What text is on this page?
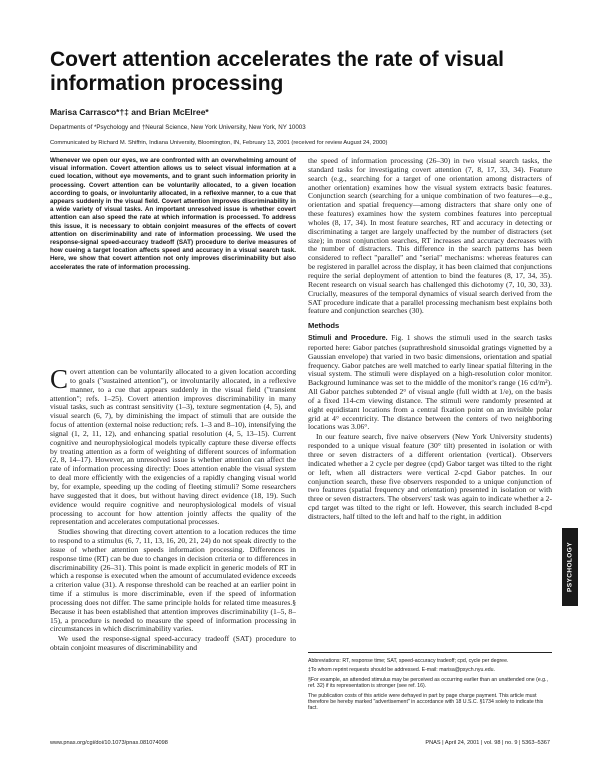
Covert attention accelerates the rate of visual information processing
Marisa Carrasco*†‡ and Brian McElree*
Departments of *Psychology and †Neural Science, New York University, New York, NY 10003
Communicated by Richard M. Shiffrin, Indiana University, Bloomington, IN, February 13, 2001 (received for review August 24, 2000)
Whenever we open our eyes, we are confronted with an overwhelming amount of visual information. Covert attention allows us to select visual information at a cued location, without eye movements, and to grant such information priority in processing. Covert attention can be voluntarily allocated, to a given location according to goals, or involuntarily allocated, in a reflexive manner, to a cue that appears suddenly in the visual field. Covert attention improves discriminability in a wide variety of visual tasks. An important unresolved issue is whether covert attention can also speed the rate at which information is processed. To address this issue, it is necessary to obtain conjoint measures of the effects of covert attention on discriminability and rate of information processing. We used the response-signal speed-accuracy tradeoff (SAT) procedure to derive measures of how cueing a target location affects speed and accuracy in a visual search task. Here, we show that covert attention not only improves discriminability but also accelerates the rate of information processing.

Covert attention can be voluntarily allocated to a given location according to goals ("sustained attention"), or involuntarily allocated, in a reflexive manner, to a cue that appears suddenly in the visual field ("transient attention"; refs. 1–25). Covert attention improves discriminability in many visual tasks, such as contrast sensitivity (1–3), texture segmentation (4, 5), and visual search (6, 7), by diminishing the impact of stimuli that are outside the focus of attention (external noise reduction; refs. 1–3 and 8–10), intensifying the signal (1, 2, 11, 12), and enhancing spatial resolution (4, 5, 13–15). Current cognitive and neurophysiological models typically capture these diverse effects by treating attention as a form of weighting of different sources of information (2, 8, 14–17). However, an unresolved issue is whether attention can affect the rate of information processing directly: Does attention enable the visual system to deal more efficiently with the exigencies of a rapidly changing visual world by, for example, speeding up the coding of fleeting stimuli? Some researchers have suggested that it does, but without having direct evidence (18, 19). Such evidence would require cognitive and neurophysiological models of visual processing to account for how attention jointly affects the quality of the representation and accelerates computational processes.

Studies showing that directing covert attention to a location reduces the time to respond to a stimulus (6, 7, 11, 13, 16, 20, 21, 24) do not speak directly to the issue of whether attention speeds information processing. Differences in response time (RT) can be due to changes in decision criteria or to differences in discriminability (26–31). This point is made explicit in generic models of RT in which a response is executed when the amount of accumulated evidence exceeds a criterion value (31). A response threshold can be reached at an earlier point in time if a stimulus is more discriminable, even if the speed of information processing does not differ. The same principle holds for related time measures.§ Because it has been established that attention improves discriminability (1–5, 8–15), a procedure is needed to measure the speed of information processing in circumstances in which discriminability varies.

We used the response-signal speed-accuracy tradeoff (SAT) procedure to obtain conjoint measures of discriminability and

the speed of information processing (26–30) in two visual search tasks, the standard tasks for investigating covert attention (7, 8, 17, 33, 34). Feature search (e.g., searching for a target of one orientation among distracters of another orientation) examines how the visual system extracts basic features. Conjunction search (searching for a unique combination of two features—e.g., orientation and spatial frequency—among distracters that share only one of these features) examines how the system combines features into perceptual wholes (8, 17, 34). In most feature searches, RT and accuracy in detecting or discriminating a target are largely unaffected by the number of distracters (set size); in most conjunction searches, RT increases and accuracy decreases with the number of distracters. This difference in the search patterns has been considered to reflect "parallel" and "serial" mechanisms: whereas features can be registered in parallel across the display, it has been claimed that conjunctions require the serial deployment of attention to bind the features (8, 17, 34, 35). Recent research on visual search has challenged this dichotomy (7, 10, 30, 33). Crucially, measures of the temporal dynamics of visual search derived from the SAT procedure indicate that a parallel processing mechanism best explains both feature and conjunction searches (30).

Methods

Stimuli and Procedure. Fig. 1 shows the stimuli used in the search tasks reported here: Gabor patches (suprathreshold sinusoidal gratings vignetted by a Gaussian envelope) that varied in two basic dimensions, orientation and spatial frequency. Gabor patches are well matched to early linear spatial filtering in the visual system. The stimuli were displayed on a high-resolution color monitor. Background luminance was set to the middle of the monitor's range (16 cd/m²). All Gabor patches subtended 2° of visual angle (full width at 1/e), on the basis of a fixed 114-cm viewing distance. The stimuli were randomly presented at eight equidistant locations from a central fixation point on an invisible polar grid at 4° eccentricity. The distance between the centers of two neighboring locations was 3.06°.

In our feature search, five naive observers (New York University students) responded to a unique visual feature (30° tilt) presented in isolation or with three or seven distracters of a different orientation (vertical). Observers indicated whether a 2 cycle per degree (cpd) Gabor target was tilted to the right or left, when all distracters were vertical 2-cpd Gabor patches. In our conjunction search, these five observers responded to a unique conjunction of two features (spatial frequency and orientation) presented in isolation or with three or seven distracters. The observers' task was again to indicate whether a 2-cpd target was tilted to the right or left. However, this search included 8-cpd distracters, half tilted to the left and half to the right, in addition

Abbreviations: RT, response time; SAT, speed-accuracy tradeoff; cpd, cycle per degree.
‡To whom reprint requests should be addressed. E-mail: marisa@psych.nyu.edu.
§For example, an attended stimulus may be perceived as occurring earlier than an unattended one (e.g., ref. 32) if its representation is stronger (see ref. 16).
The publication costs of this article were defrayed in part by page charge payment. This article must therefore be hereby marked "advertisement" in accordance with 18 U.S.C. §1734 solely to indicate this fact.
www.pnas.org/cgi/doi/10.1073/pnas.081074098	PNAS | April 24, 2001 | vol. 98 | no. 9 | 5363–5367
PSYCHOLOGY
